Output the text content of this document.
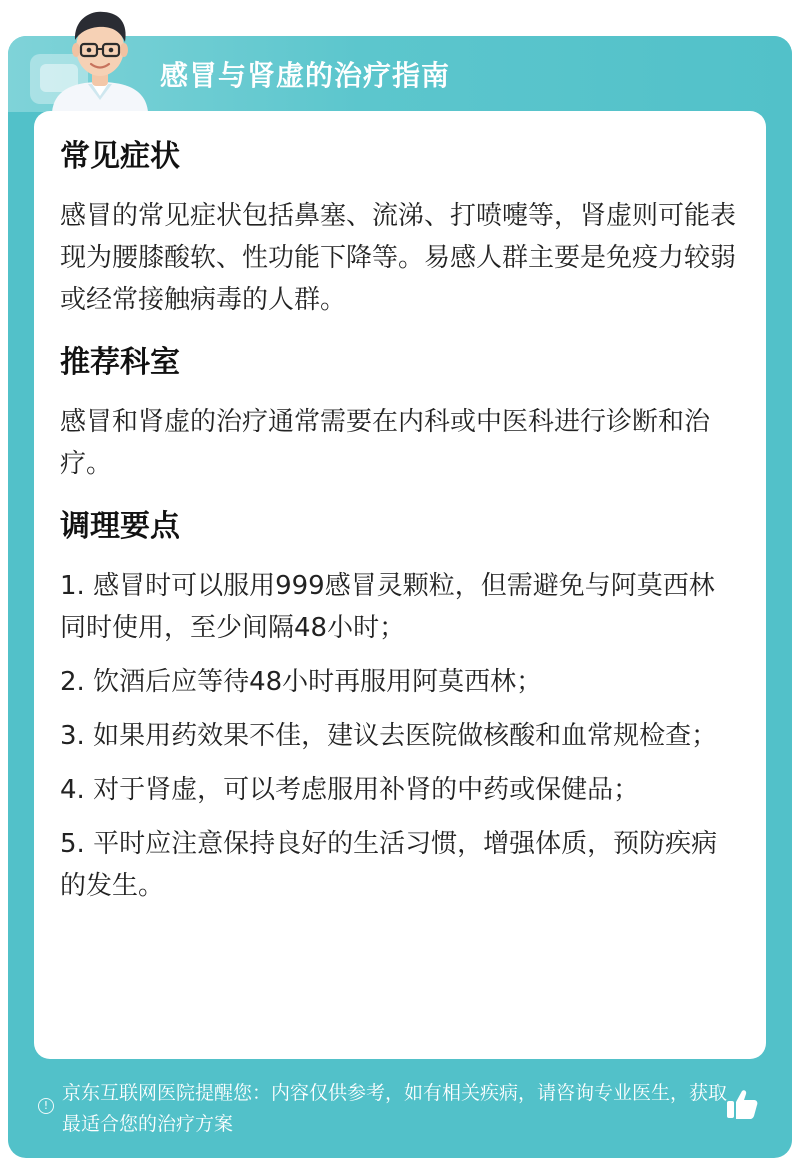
感冒与肾虚的治疗指南
常见症状
感冒的常见症状包括鼻塞、流涕、打喷嚏等，肾虚则可能表现为腰膝酸软、性功能下降等。易感人群主要是免疫力较弱或经常接触病毒的人群。
推荐科室
感冒和肾虚的治疗通常需要在内科或中医科进行诊断和治疗。
调理要点
1. 感冒时可以服用999感冒灵颗粒，但需避免与阿莫西林同时使用，至少间隔48小时；
2. 饮酒后应等待48小时再服用阿莫西林；
3. 如果用药效果不佳，建议去医院做核酸和血常规检查；
4. 对于肾虚，可以考虑服用补肾的中药或保健品；
5. 平时应注意保持良好的生活习惯，增强体质，预防疾病的发生。
!
京东互联网医院提醒您：内容仅供参考，如有相关疾病，请咨询专业医生，获取最适合您的治疗方案
